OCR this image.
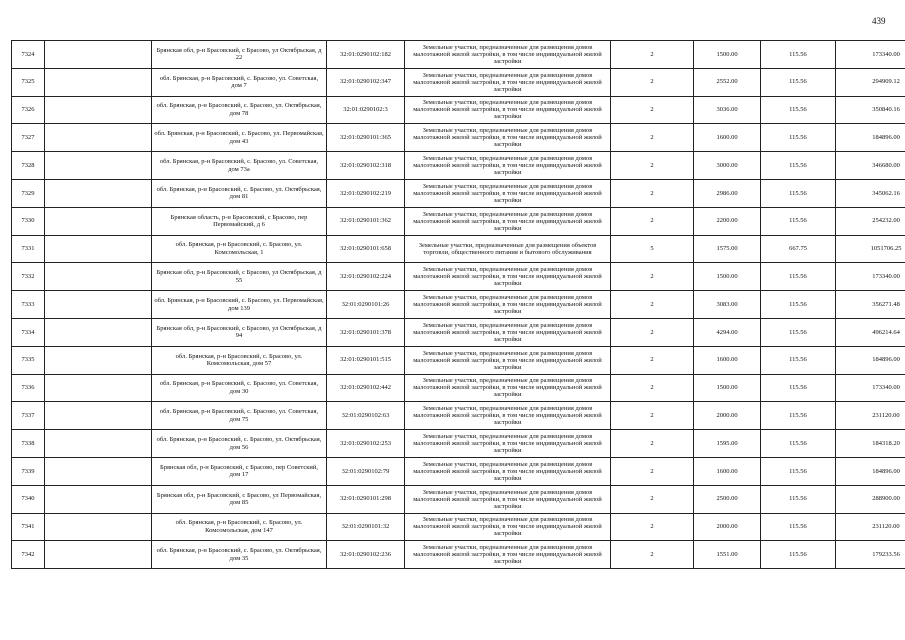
439
7324		Брянская обл, р-н Брасовский, с Брасово, ул Октябрьская, д 22	32:01:0290102:182	Земельные участки, предназначенные для размещения домов малоэтажной жилой застройки, в том числе индивидуальной жилой застройки	2	1500.00	115.56	173340.00
7325		обл. Брянская, р-н Брасовский, с. Брасово, ул. Советская, дом 7	32:01:0290102:347	Земельные участки, предназначенные для размещения домов малоэтажной жилой застройки, в том числе индивидуальной жилой застройки	2	2552.00	115.56	294909.12
7326		обл. Брянская, р-н Брасовский, с. Брасово, ул. Октябрьская, дом 78	32:01:0290102:3	Земельные участки, предназначенные для размещения домов малоэтажной жилой застройки, в том числе индивидуальной жилой застройки	2	3036.00	115.56	350840.16
7327		обл. Брянская, р-н Брасовский, с. Брасово, ул. Первомайская, дом 43	32:01:0290101:365	Земельные участки, предназначенные для размещения домов малоэтажной жилой застройки, в том числе индивидуальной жилой застройки	2	1600.00	115.56	184896.00
7328		обл. Брянская, р-н Брасовский, с. Брасово, ул. Советская, дом 73а	32:01:0290102:318	Земельные участки, предназначенные для размещения домов малоэтажной жилой застройки, в том числе индивидуальной жилой застройки	2	3000.00	115.56	346680.00
7329		обл. Брянская, р-н Брасовский, с. Брасово, ул. Октябрьская, дом 81	32:01:0290102:219	Земельные участки, предназначенные для размещения домов малоэтажной жилой застройки, в том числе индивидуальной жилой застройки	2	2986.00	115.56	345062.16
7330		Брянская область, р-н Брасовский, с Брасово, пер Первомайский, д 6	32:01:0290101:362	Земельные участки, предназначенные для размещения домов малоэтажной жилой застройки, в том числе индивидуальной жилой застройки	2	2200.00	115.56	254232.00
7331		обл. Брянская, р-н Брасовский, с. Брасово, ул. Комсомольская, 1	32:01:0290101:658	Земельные участки, предназначенные для размещения объектов торговли, общественного питания и бытового обслуживания	5	1575.00	667.75	1051706.25
7332		Брянская обл, р-н Брасовский, с Брасово, ул Октябрьская, д 55	32:01:0290102:224	Земельные участки, предназначенные для размещения домов малоэтажной жилой застройки, в том числе индивидуальной жилой застройки	2	1500.00	115.56	173340.00
7333		обл. Брянская, р-н Брасовский, с. Брасово, ул. Первомайская, дом 139	32:01:0290101:26	Земельные участки, предназначенные для размещения домов малоэтажной жилой застройки, в том числе индивидуальной жилой застройки	2	3083.00	115.56	356271.48
7334		Брянская обл, р-н Брасовский, с Брасово, ул Октябрьская, д 94	32:01:0290101:378	Земельные участки, предназначенные для размещения домов малоэтажной жилой застройки, в том числе индивидуальной жилой застройки	2	4294.00	115.56	496214.64
7335		обл. Брянская, р-н Брасовский, с. Брасово, ул. Комсомольская, дом 57	32:01:0290101:515	Земельные участки, предназначенные для размещения домов малоэтажной жилой застройки, в том числе индивидуальной жилой застройки	2	1600.00	115.56	184896.00
7336		обл. Брянская, р-н Брасовский, с. Брасово, ул. Советская, дом 30	32:01:0290102:442	Земельные участки, предназначенные для размещения домов малоэтажной жилой застройки, в том числе индивидуальной жилой застройки	2	1500.00	115.56	173340.00
7337		обл. Брянская, р-н Брасовский, с. Брасово, ул. Советская, дом 75	32:01:0290102:63	Земельные участки, предназначенные для размещения домов малоэтажной жилой застройки, в том числе индивидуальной жилой застройки	2	2000.00	115.56	231120.00
7338		обл. Брянская, р-н Брасовский, с. Брасово, ул. Октябрьская, дом 56	32:01:0290102:253	Земельные участки, предназначенные для размещения домов малоэтажной жилой застройки, в том числе индивидуальной жилой застройки	2	1595.00	115.56	184318.20
7339		Брянская обл, р-н Брасовский, с Брасово, пер Советский, дом 17	32:01:0290102:79	Земельные участки, предназначенные для размещения домов малоэтажной жилой застройки, в том числе индивидуальной жилой застройки	2	1600.00	115.56	184896.00
7340		Брянская обл, р-н Брасовский, с Брасово, ул Первомайская, дом 85	32:01:0290101:298	Земельные участки, предназначенные для размещения домов малоэтажной жилой застройки, в том числе индивидуальной жилой застройки	2	2500.00	115.56	288900.00
7341		обл. Брянская, р-н Брасовский, с. Брасово, ул. Комсомольская, дом 147	32:01:0290101:32	Земельные участки, предназначенные для размещения домов малоэтажной жилой застройки, в том числе индивидуальной жилой застройки	2	2000.00	115.56	231120.00
7342		обл. Брянская, р-н Брасовский, с. Брасово, ул. Октябрьская, дом 35	32:01:0290102:236	Земельные участки, предназначенные для размещения домов малоэтажной жилой застройки, в том числе индивидуальной жилой застройки	2	1551.00	115.56	179233.56
